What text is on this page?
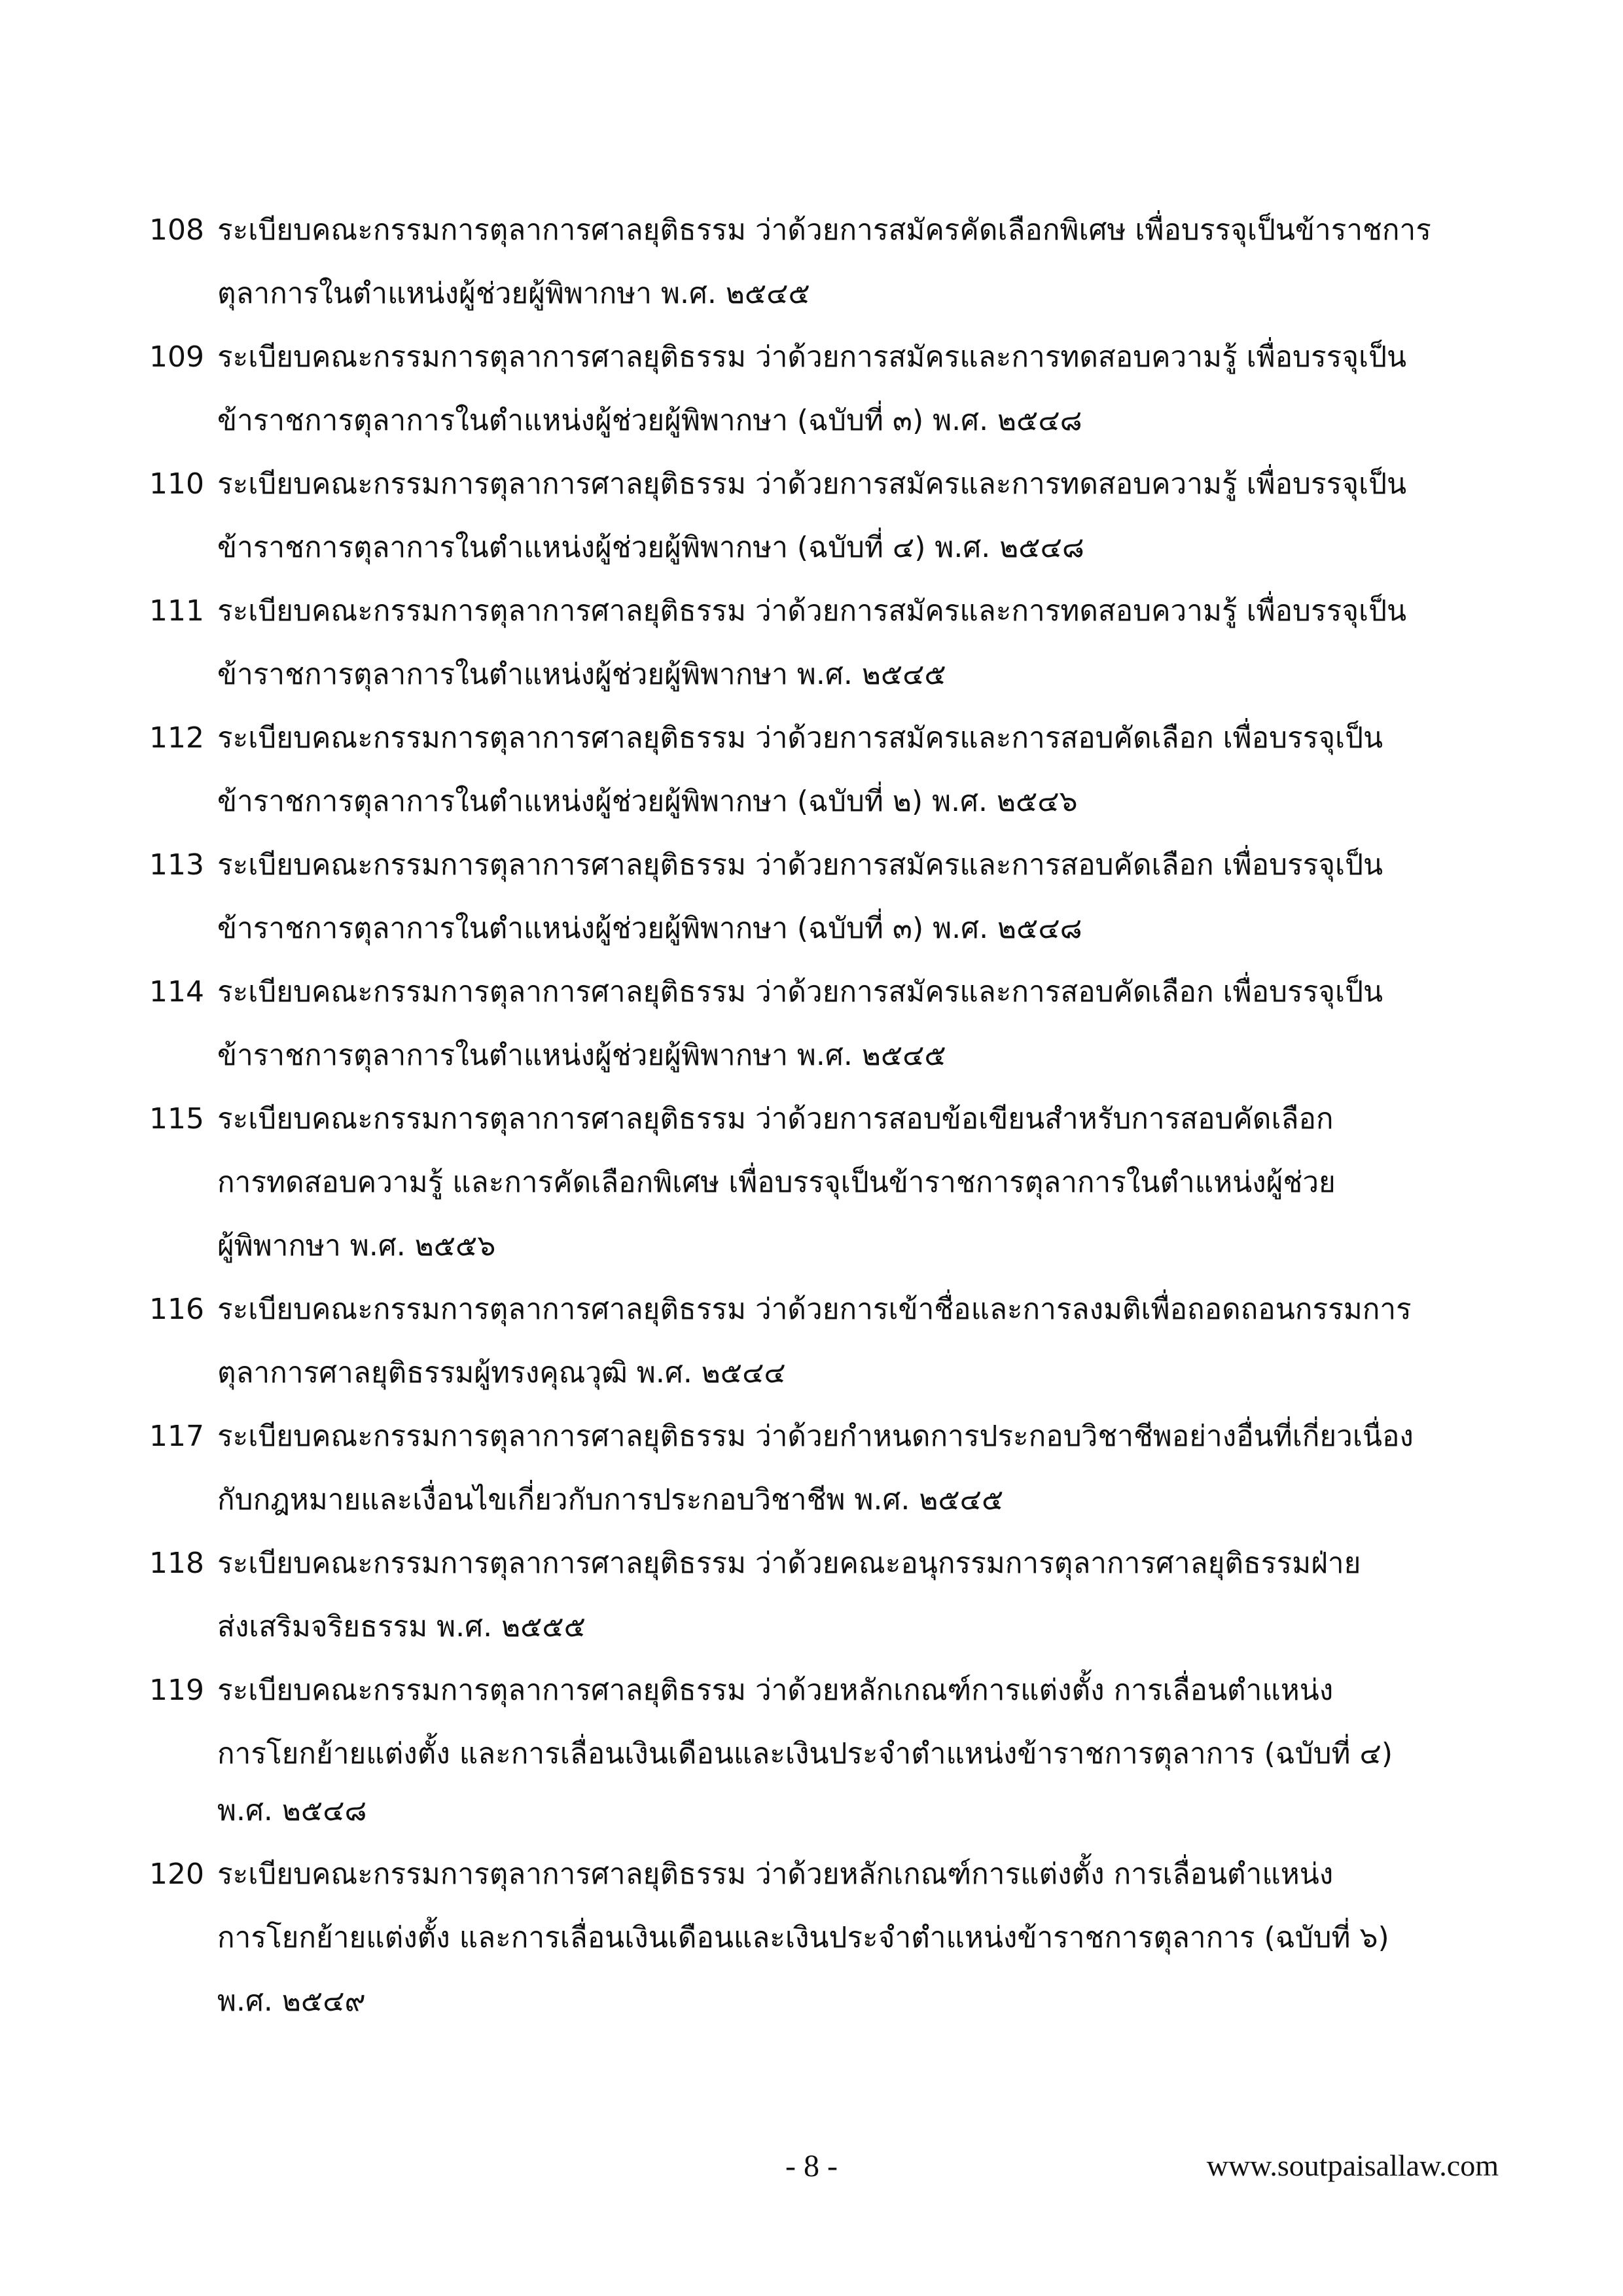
108 ระเบียบคณะกรรมการตุลาการศาลยุติธรรม ว่าด้วยการสมัครคัดเลือกพิเศษ เพื่อบรรจุเป็นข้าราชการ
ตุลาการในตำแหน่งผู้ช่วยผู้พิพากษา พ.ศ. ๒๕๔๕
109 ระเบียบคณะกรรมการตุลาการศาลยุติธรรม ว่าด้วยการสมัครและการทดสอบความรู้ เพื่อบรรจุเป็น
ข้าราชการตุลาการในตำแหน่งผู้ช่วยผู้พิพากษา (ฉบับที่ ๓) พ.ศ. ๒๕๔๘
110 ระเบียบคณะกรรมการตุลาการศาลยุติธรรม ว่าด้วยการสมัครและการทดสอบความรู้ เพื่อบรรจุเป็น
ข้าราชการตุลาการในตำแหน่งผู้ช่วยผู้พิพากษา (ฉบับที่ ๔) พ.ศ. ๒๕๔๘
111 ระเบียบคณะกรรมการตุลาการศาลยุติธรรม ว่าด้วยการสมัครและการทดสอบความรู้ เพื่อบรรจุเป็น
ข้าราชการตุลาการในตำแหน่งผู้ช่วยผู้พิพากษา พ.ศ. ๒๕๔๕
112 ระเบียบคณะกรรมการตุลาการศาลยุติธรรม ว่าด้วยการสมัครและการสอบคัดเลือก เพื่อบรรจุเป็น
ข้าราชการตุลาการในตำแหน่งผู้ช่วยผู้พิพากษา (ฉบับที่ ๒) พ.ศ. ๒๕๔๖
113 ระเบียบคณะกรรมการตุลาการศาลยุติธรรม ว่าด้วยการสมัครและการสอบคัดเลือก เพื่อบรรจุเป็น
ข้าราชการตุลาการในตำแหน่งผู้ช่วยผู้พิพากษา (ฉบับที่ ๓) พ.ศ. ๒๕๔๘
114 ระเบียบคณะกรรมการตุลาการศาลยุติธรรม ว่าด้วยการสมัครและการสอบคัดเลือก เพื่อบรรจุเป็น
ข้าราชการตุลาการในตำแหน่งผู้ช่วยผู้พิพากษา พ.ศ. ๒๕๔๕
115 ระเบียบคณะกรรมการตุลาการศาลยุติธรรม ว่าด้วยการสอบข้อเขียนสำหรับการสอบคัดเลือก
การทดสอบความรู้ และการคัดเลือกพิเศษ เพื่อบรรจุเป็นข้าราชการตุลาการในตำแหน่งผู้ช่วย
ผู้พิพากษา พ.ศ. ๒๕๕๖
116 ระเบียบคณะกรรมการตุลาการศาลยุติธรรม ว่าด้วยการเข้าชื่อและการลงมติเพื่อถอดถอนกรรมการ
ตุลาการศาลยุติธรรมผู้ทรงคุณวุฒิ พ.ศ. ๒๕๔๔
117 ระเบียบคณะกรรมการตุลาการศาลยุติธรรม ว่าด้วยกำหนดการประกอบวิชาชีพอย่างอื่นที่เกี่ยวเนื่อง
กับกฎหมายและเงื่อนไขเกี่ยวกับการประกอบวิชาชีพ พ.ศ. ๒๕๔๕
118 ระเบียบคณะกรรมการตุลาการศาลยุติธรรม ว่าด้วยคณะอนุกรรมการตุลาการศาลยุติธรรมฝ่าย
ส่งเสริมจริยธรรม พ.ศ. ๒๕๕๕
119 ระเบียบคณะกรรมการตุลาการศาลยุติธรรม ว่าด้วยหลักเกณฑ์การแต่งตั้ง การเลื่อนตำแหน่ง
การโยกย้ายแต่งตั้ง และการเลื่อนเงินเดือนและเงินประจำตำแหน่งข้าราชการตุลาการ (ฉบับที่ ๔)
พ.ศ. ๒๕๔๘
120 ระเบียบคณะกรรมการตุลาการศาลยุติธรรม ว่าด้วยหลักเกณฑ์การแต่งตั้ง การเลื่อนตำแหน่ง
การโยกย้ายแต่งตั้ง และการเลื่อนเงินเดือนและเงินประจำตำแหน่งข้าราชการตุลาการ (ฉบับที่ ๖)
พ.ศ. ๒๕๔๙
- 8 -	www.soutpaisallaw.com
